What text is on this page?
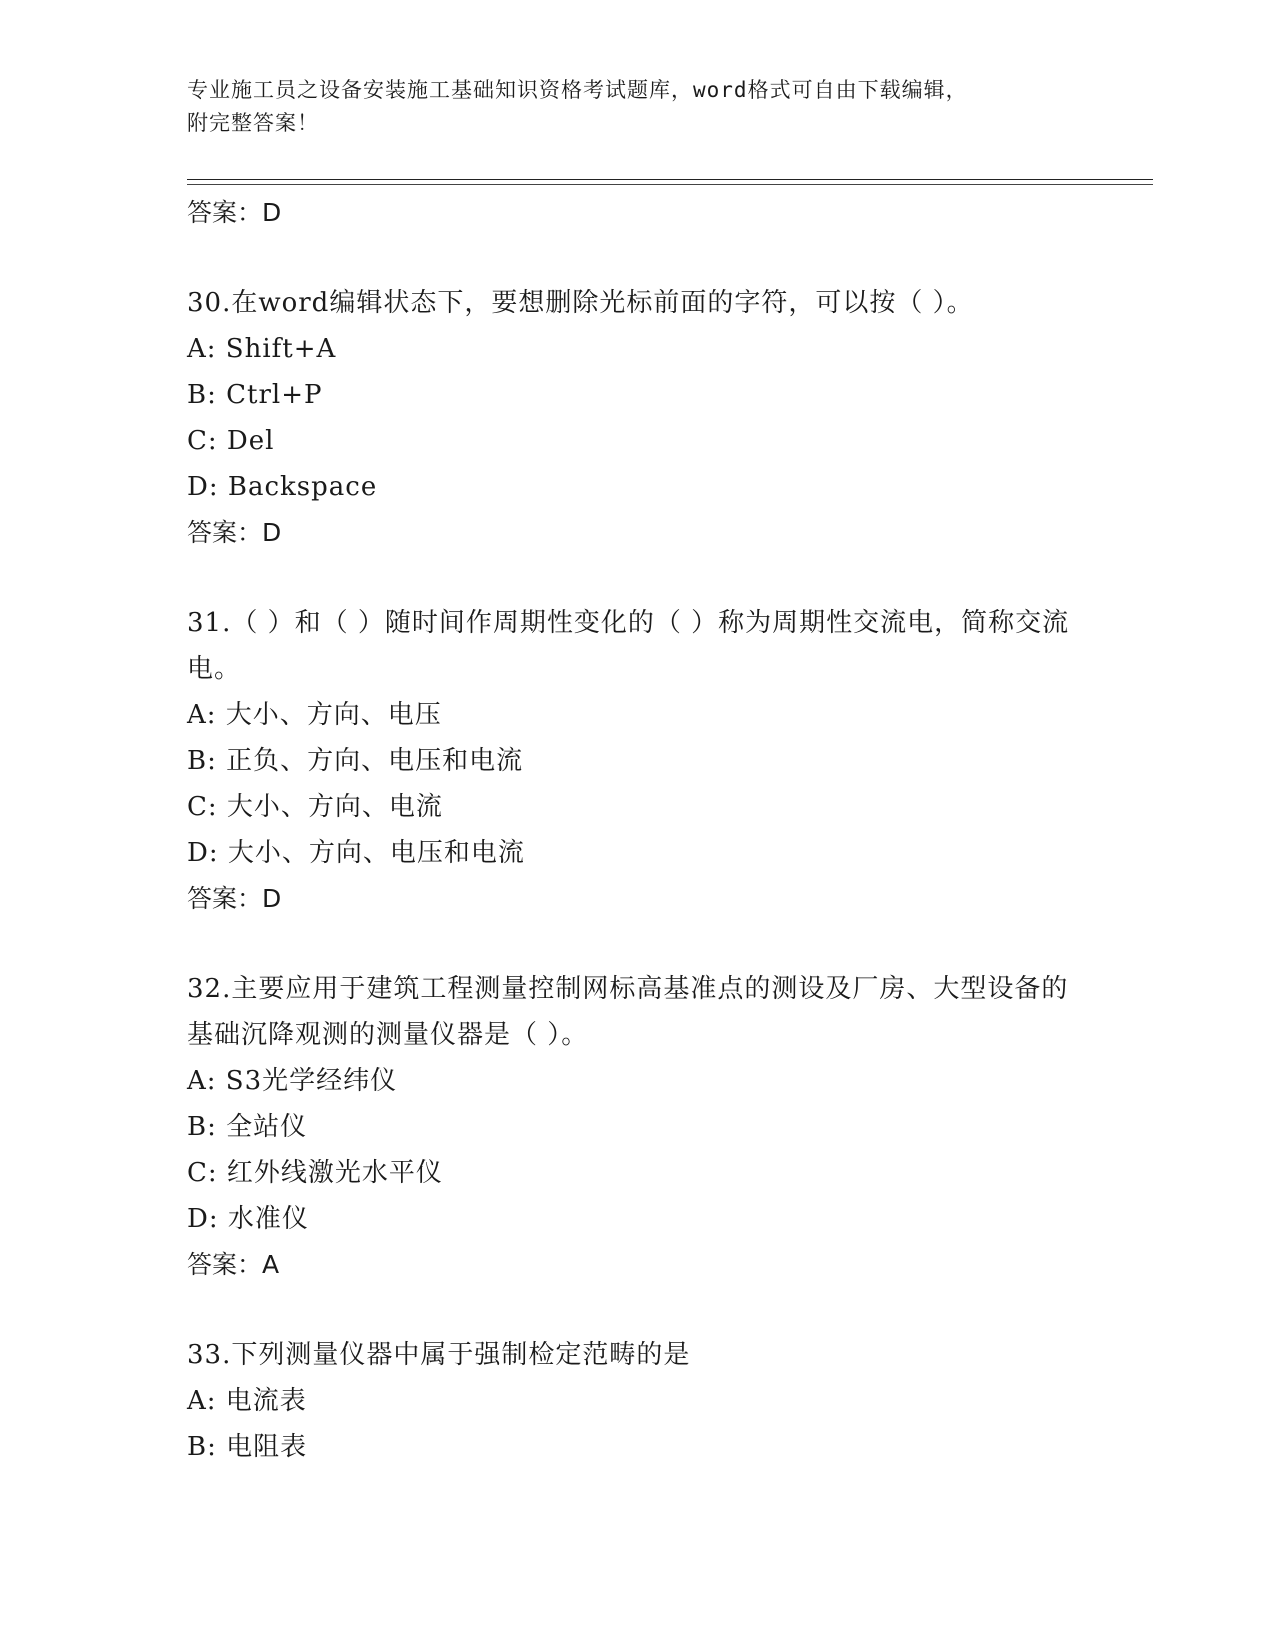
专业施工员之设备安装施工基础知识资格考试题库，word格式可自由下载编辑，
附完整答案！
答案：D
30.在word编辑状态下，要想删除光标前面的字符，可以按（ ）。
A: Shift+A
B: Ctrl+P
C: Del
D: Backspace
答案：D
31.（ ）和（ ）随时间作周期性变化的（ ）称为周期性交流电，简称交流电。
A: 大小、方向、电压
B: 正负、方向、电压和电流
C: 大小、方向、电流
D: 大小、方向、电压和电流
答案：D
32.主要应用于建筑工程测量控制网标高基准点的测设及厂房、大型设备的基础沉降观测的测量仪器是（ ）。
A: S3光学经纬仪
B: 全站仪
C: 红外线激光水平仪
D: 水准仪
答案：A
33.下列测量仪器中属于强制检定范畴的是
A: 电流表
B: 电阻表
